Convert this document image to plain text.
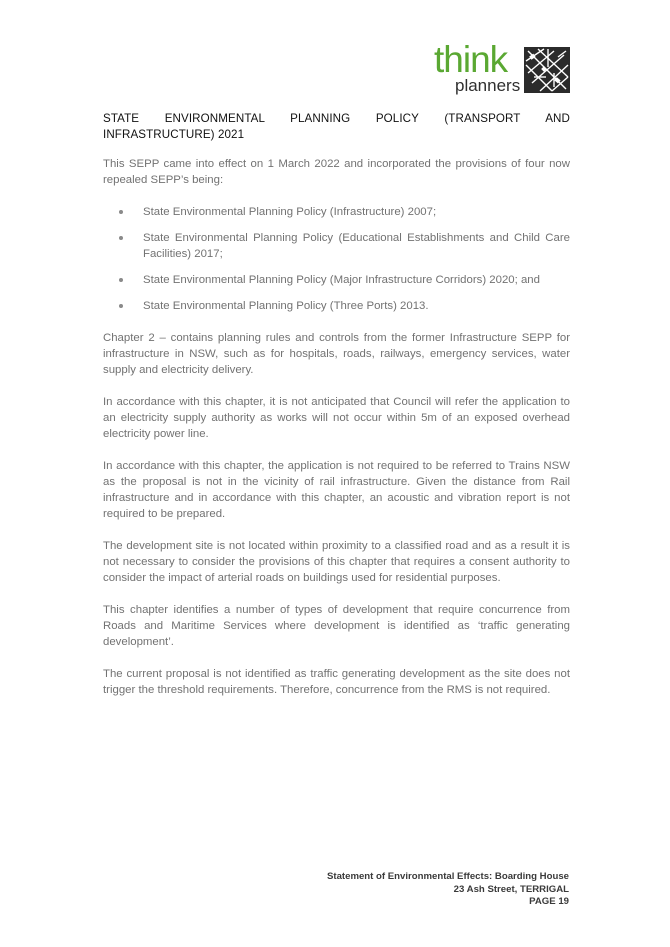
think
planners
STATE ENVIRONMENTAL PLANNING POLICY (TRANSPORT AND INFRASTRUCTURE) 2021

This SEPP came into effect on 1 March 2022 and incorporated the provisions of four now repealed SEPP’s being:

State Environmental Planning Policy (Infrastructure) 2007;
State Environmental Planning Policy (Educational Establishments and Child Care Facilities) 2017;
State Environmental Planning Policy (Major Infrastructure Corridors) 2020; and
State Environmental Planning Policy (Three Ports) 2013.

Chapter 2 – contains planning rules and controls from the former Infrastructure SEPP for infrastructure in NSW, such as for hospitals, roads, railways, emergency services, water supply and electricity delivery.

In accordance with this chapter, it is not anticipated that Council will refer the application to an electricity supply authority as works will not occur within 5m of an exposed overhead electricity power line.

In accordance with this chapter, the application is not required to be referred to Trains NSW as the proposal is not in the vicinity of rail infrastructure. Given the distance from Rail infrastructure and in accordance with this chapter, an acoustic and vibration report is not required to be prepared.

The development site is not located within proximity to a classified road and as a result it is not necessary to consider the provisions of this chapter that requires a consent authority to consider the impact of arterial roads on buildings used for residential purposes.

This chapter identifies a number of types of development that require concurrence from Roads and Maritime Services where development is identified as ‘traffic generating development’.

The current proposal is not identified as traffic generating development as the site does not trigger the threshold requirements. Therefore, concurrence from the RMS is not required.

Statement of Environmental Effects: Boarding House
23 Ash Street, TERRIGAL
PAGE 19
